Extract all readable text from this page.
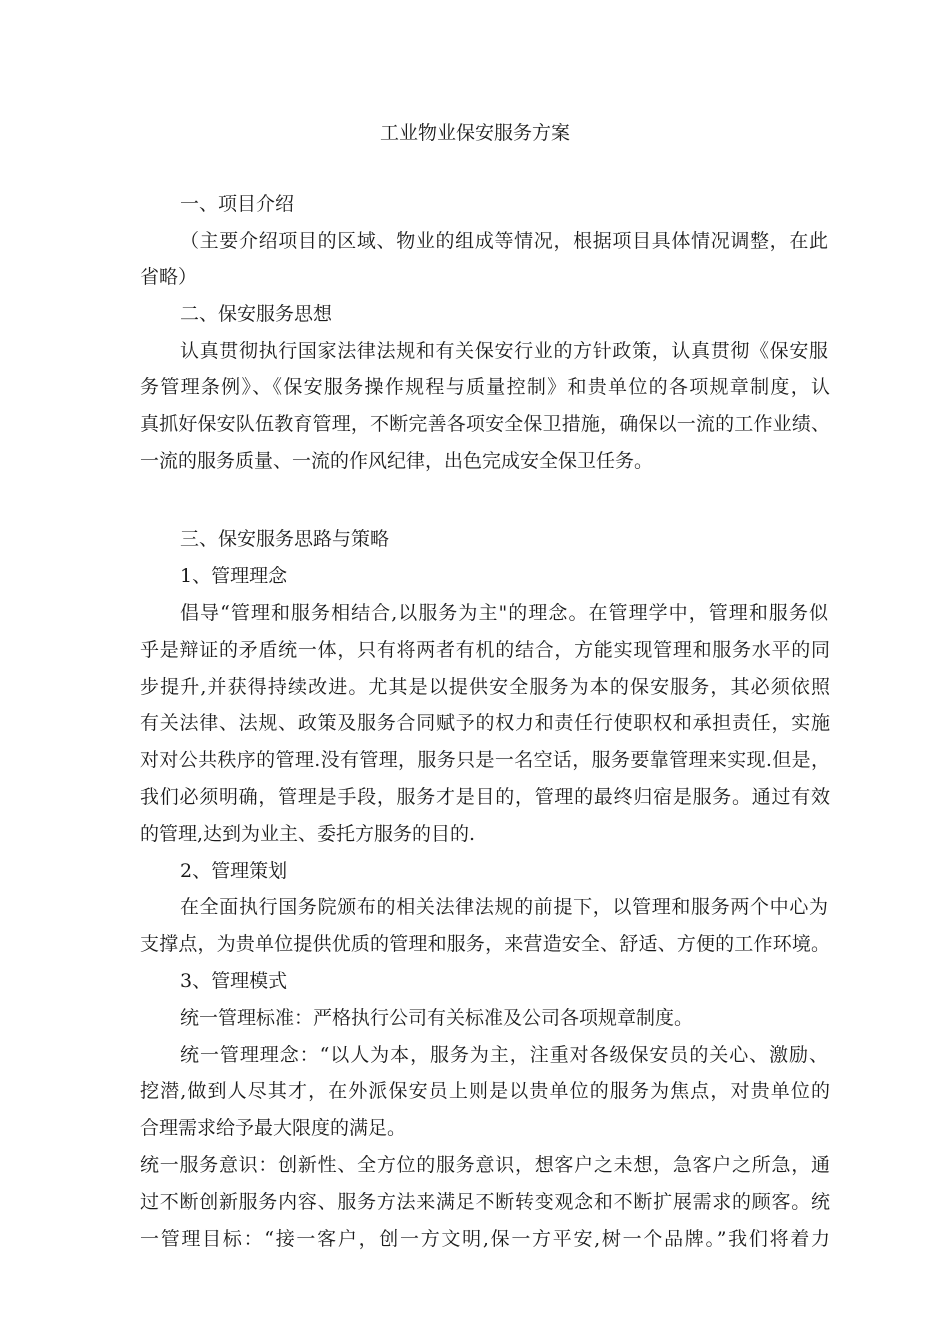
工业物业保安服务方案
一、项目介绍
（主要介绍项目的区域、物业的组成等情况，根据项目具体情况调整，在此
省略）
二、保安服务思想
认真贯彻执行国家法律法规和有关保安行业的方针政策，认真贯彻《保安服
务管理条例》、《保安服务操作规程与质量控制》和贵单位的各项规章制度，认
真抓好保安队伍教育管理，不断完善各项安全保卫措施，确保以一流的工作业绩、
一流的服务质量、一流的作风纪律，出色完成安全保卫任务。
三、保安服务思路与策略
1、管理理念
倡导“管理和服务相结合,以服务为主"的理念。在管理学中，管理和服务似
乎是辩证的矛盾统一体，只有将两者有机的结合，方能实现管理和服务水平的同
步提升,并获得持续改进。尤其是以提供安全服务为本的保安服务，其必须依照
有关法律、法规、政策及服务合同赋予的权力和责任行使职权和承担责任，实施
对对公共秩序的管理.没有管理，服务只是一名空话，服务要靠管理来实现.但是，
我们必须明确，管理是手段，服务才是目的，管理的最终归宿是服务。通过有效
的管理,达到为业主、委托方服务的目的.
2、管理策划
在全面执行国务院颁布的相关法律法规的前提下，以管理和服务两个中心为
支撑点，为贵单位提供优质的管理和服务，来营造安全、舒适、方便的工作环境。
3、管理模式
统一管理标准：严格执行公司有关标准及公司各项规章制度。
统一管理理念：“以人为本，服务为主，注重对各级保安员的关心、激励、
挖潜,做到人尽其才，在外派保安员上则是以贵单位的服务为焦点，对贵单位的
合理需求给予最大限度的满足。
统一服务意识：创新性、全方位的服务意识，想客户之未想，急客户之所急，通
过不断创新服务内容、服务方法来满足不断转变观念和不断扩展需求的顾客。统
一管理目标：“接一客户，创一方文明,保一方平安,树一个品牌。”我们将着力
